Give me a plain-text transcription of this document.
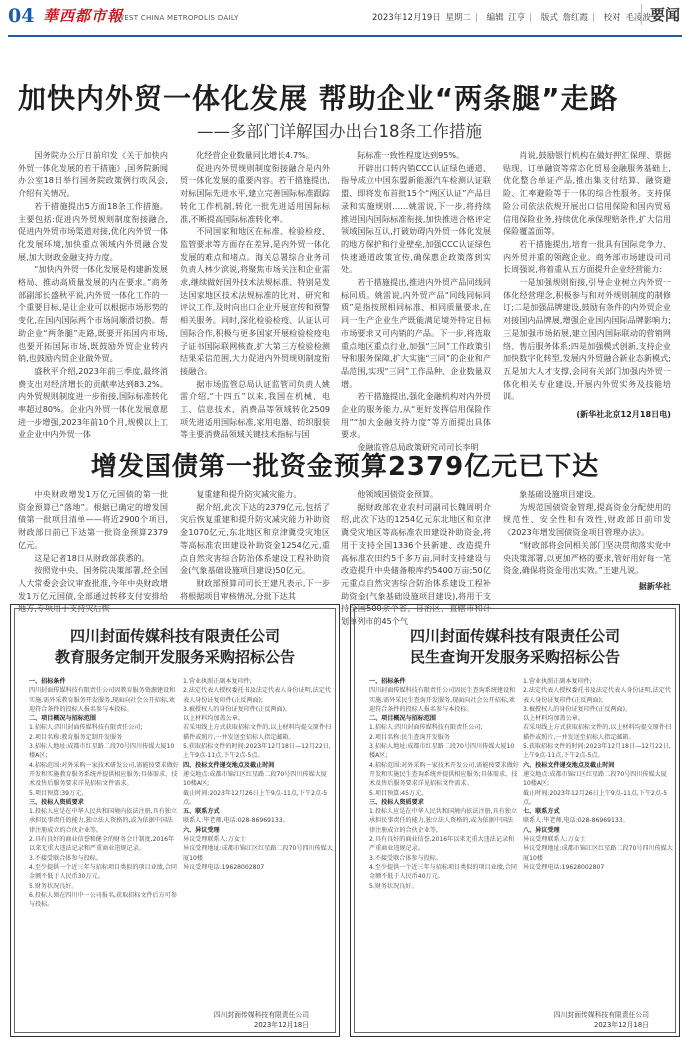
04 華西都市報
WEST CHINA METROPOLIS DAILY	2023年12月19日 星期二 | 编辑 江亨 | 版式 詹红霞 | 校对 毛凌波 要闻
加快内外贸一体化发展 帮助企业“两条腿”走路
——多部门详解国办出台18条工作措施

国务院办公厅日前印发《关于加快内外贸一体化发展的若干措施》,国务院新闻办公室18日举行国务院政策例行吹风会,介绍有关情况。

若干措施提出5方面18条工作措施。主要包括:促进内外贸规则制度衔接融合,促进内外贸市场渠道对接,优化内外贸一体化发展环境,加快重点领域内外贸融合发展,加大财政金融支持力度。

“加快内外贸一体化发展是构建新发展格局、推动高质量发展的内在要求。”商务部副部长盛秋平说,内外贸一体化工作的一个重要目标,是让企业可以根据市场形势的变化,在国内国际两个市场间顺滑切换。帮助企业“两条腿”走路,既要开拓国内市场,也要开拓国际市场,既鼓励外贸企业转内销,也鼓励内贸企业做外贸。

盛秋平介绍,2023年前三季度,最终消费支出对经济增长的贡献率达到83.2%。内外贸规则制度进一步衔接,国际标准转化率超过80%。企业内外贸一体化发展意愿进一步增强,2023年前10个月,规模以上工业企业中内外贸一体

化经营企业数量同比增长4.7%。

促进内外贸规则制度衔接融合是内外贸一体化发展的重要内容。若干措施提出,对标国际先进水平,建立完善国际标准跟踪转化工作机制,转化一批先进适用国际标准,不断提高国际标准转化率。

不同国家和地区在标准、检验检疫、监管要求等方面存在差异,是内外贸一体化发展的难点和堵点。海关总署综合业务司负责人林少滨说,将聚焦市场关注和企业需求,继续做好国外技术法规标准、特别是发达国家地区技术法规标准的比对、研究和评议工作,及时向出口企业开展宣传和预警相关服务。同时,深化检验检疫、认证认可国际合作,积极与更多国家开展检验检疫电子证书国际联网核查,扩大第三方检验检测结果采信范围,大力促进内外贸规则制度衔接融合。

据市场监管总局认证监管司负责人姚雷介绍,“十四五”以来,我国在机械、电工、信息技术、消费品等领域转化2509项先进适用国际标准,家用电器、纺织服装等主要消费品领域关键技术指标与国

际标准一致性程度达到95%。

开辟出口转内销CCC认证绿色通道、指导成立中国东盟新能源汽车检测认证联盟、即将发布首批15个“两区认证”产品目录和实施规则……姚雷说,下一步,将持续推进国内国际标准衔接,加快推进合格评定领域国际互认,打破妨碍内外贸一体化发展的地方保护和行业壁垒,加强CCC认证绿色快速通道政策宣传,确保惠企政策落到实处。

若干措施提出,推进内外贸产品同线同标同质。姚雷说,内外贸产品“同线同标同质”是指按照相同标准、相同质量要求,在同一生产企业生产既能满足境外特定目标市场要求又可内销的产品。下一步,将选取重点地区重点行业,加强“三同”工作政策引导和服务保障,扩大实施“三同”的企业和产品范围,实现“三同”工作品种、企业数量双增。

若干措施提出,强化金融机构对内外贸企业的服务能力,从“更好发挥信用保险作用”“加大金融支持力度”等方面提出具体要求。

金融监管总局政策研究司司长李明

肖说,鼓励银行机构在做好押汇保理、票据贴现、订单融资等常态化贸易金融服务基础上,优化整合单证产品,推出集支付结算、融资避险、汇率避险等于一体的综合性服务。支持保险公司依法依规开展出口信用保险和国内贸易信用保险业务,持续优化承保理赔条件,扩大信用保险覆盖面等。

若干措施提出,培育一批具有国际竞争力、内外贸并重的领跑企业。商务部市场建设司司长周强说,将着重从五方面提升企业经营能力:

一是加强规则衔接,引导企业树立内外贸一体化经营理念,积极参与和对外规则制度的制修订;二是加强品牌建设,鼓励有条件的内外贸企业对接国内品牌展,增强企业国内国际品牌影响力;三是加强市场拓展,建立国内国际联动的营销网络、售后服务体系;四是加强模式创新,支持企业加快数字化转型,发展内外贸融合新业态新模式;五是加大人才支撑,会同有关部门加强内外贸一体化相关专业建设,开展内外贸实务及技能培训。

(新华社北京12月18日电)
增发国债第一批资金预算2379亿元已下达

中央财政增发1万亿元国债的第一批资金预算已“落地”。根据已确定的增发国债第一批项目清单——将近2900个项目,财政部日前已下达第一批资金预算2379亿元。

这是记者18日从财政部获悉的。

按照党中央、国务院决策部署,经全国人大常委会会议审查批准,今年中央财政增发1万亿元国债,全部通过转移支付安排给地方,专项用于支持灾后恢

复重建和提升防灾减灾能力。

据介绍,此次下达的2379亿元,包括了灾后恢复重建和提升防灾减灾能力补助资金1070亿元,东北地区和京津冀受灾地区等高标准农田建设补助资金1254亿元,重点自然灾害综合防治体系建设工程补助资金(气象基础设施项目建设)50亿元。

财政部预算司司长王建凡表示,下一步将根据项目审核情况,分批下达其

他领域国债资金预算。

据财政部农业农村司副司长魏周明介绍,此次下达的1254亿元东北地区和京津冀受灾地区等高标准农田建设补助资金,将用于支持全国1336个县新建、改造提升高标准农田约5千多万亩,同时支持建设与改造提升中央储备粮库约5400万亩;50亿元重点自然灾害综合防治体系建设工程补助资金(气象基础设施项目建设),将用于支持全国500余个省、自治区、直辖市和计划单列市的45个气

象基础设施项目建设。

为规范国债资金管理,提高资金分配使用的规范性、安全性和有效性,财政部日前印发《2023年增发国债资金项目管理办法》。

“财政部将会同相关部门坚决贯彻落实党中央决策部署,以更加严格的要求,管好用好每一笔资金,确保将资金用出实效。”王建凡说。

据新华社
四川封面传媒科技有限责任公司
教育服务定制开发服务采购招标公告
一、招标条件
四川封面传媒科技有限责任公司因教育服务资源建设和实施,需外采教育服务开发服务,现面向社会公开招标,欢迎符合条件的投标人报名参与本投标。
二、项目概况与招标范围
1.招标人:四川封面传媒科技有限责任公司;
2.项目名称:教育服务定制开发服务
3.招标人地址:成都市红星路二段70号四川传媒大厦10楼A区;
4.招标范围:对外采购一家技术研发公司,需能按要求做好开发和实施教育服务系统并提供相应服务;具体需求、技术及售后服务要求详见招标文件需求。
5.项目预算:39万元。
三、投标人资质要求
1.投标人应是在中华人民共和国境内依法注册,具有独立承担民事责任的能力,独立法人资格的,或为依据中国法律注册成立的合伙企业等。
2.具有良好的商业信誉和健全的财务会计制度,2016年以来无重大违法记录和严重商业违规记录。
3.不接受联合体参与投标。
4.至少提供一个近三年与招标项目类似的项目业绩,合同金额不低于人民币30万元。
5.财务状况良好。
6.投标人须在四川中一公司报名,获取招标文件后方可参与投标。
1.营业执照正副本复印件;
2.法定代表人授权委托书及法定代表人身份证明,法定代表人身份证复印件(正反两面);
3.被授权人的身份证复印件(正反两面)。
以上材料均加盖公章。
若采用线上方式获取招标文件的,以上材料均提交原件扫描件或照片,一并发送至招标人指定邮箱。
5.获取招标文件的时间:2023年12月18日—12月22日,上午9点-11点,下午2点-5点。
四、投标文件递交地点及截止时间
递交地点:成都市锦江区红星路二段70号四川传媒大厦10楼A区;
截止时间:2023年12月26日上午9点-11点,下午2点-5点。
五、联系方式
联系人:毕老师,电话:028-86969133。
六、异议受理
异议受理联系人:万女士
异议受理地址:成都市锦江区红星路二段70号四川传媒大厦10楼
异议受理电话:19628002807
四川封面传媒科技有限责任公司
2023年12月18日
四川封面传媒科技有限责任公司
民生查询开发服务采购招标公告
一、招标条件
四川封面传媒科技有限责任公司因民生查询系统建设和实施,需外采民生查询开发服务,现面向社会公开招标,欢迎符合条件的投标人报名参与本投标。
二、项目概况与招标范围
1.招标人:四川封面传媒科技有限责任公司;
2.项目名称:民生查询开发服务
3.招标人地址:成都市红星路二段70号四川传媒大厦10楼A区;
4.招标范围:对外采购一家技术开发公司,需能按要求做好开发和实施民生查询系统并提供相应服务;具体需求、技术及售后服务要求详见招标文件需求。
5.项目预算:45万元。
三、投标人资质要求
1.投标人应是在中华人民共和国境内依法注册,具有独立承担民事责任的能力,独立法人资格的,或为依据中国法律注册成立的合伙企业等。
2.具有良好的商业信誉,2016年以来无重大违法记录和严重商业违规记录。
3.不接受联合体参与投标。
4.至少提供一个近三年与招标项目类似的项目业绩,合同金额不低于人民币40万元。
5.财务状况良好。
1.营业执照正副本复印件;
2.法定代表人授权委托书及法定代表人身份证明,法定代表人身份证复印件(正反两面);
3.被授权人的身份证复印件(正反两面)。
以上材料均加盖公章。
若采用线上方式获取招标文件的,以上材料均提交原件扫描件或照片,一并发送至招标人指定邮箱。
5.获取招标文件的时间:2023年12月18日—12月22日,上午9点-11点,下午2点-5点。
六、投标文件递交地点及截止时间
递交地点:成都市锦江区红星路二段70号四川传媒大厦10楼A区;
截止时间:2023年12月26日上午9点-11点,下午2点-5点。
七、联系方式
联系人:毕老师,电话:028-86969133。
八、异议受理
异议受理联系人:万女士
异议受理地址:成都市锦江区红星路二段70号四川传媒大厦10楼
异议受理电话:19628002807
四川封面传媒科技有限责任公司
2023年12月18日
